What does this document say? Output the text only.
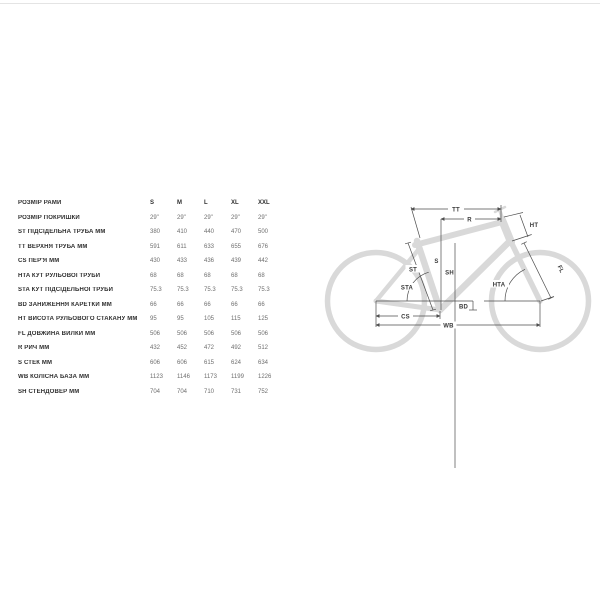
РОЗМІР РАМИ	S	M	L	XL	XXL
РОЗМІР ПОКРИШКИ	29"	29"	29"	29"	29"
ST ПІДСІДЕЛЬНА ТРУБА ММ	380	410	440	470	500
TT ВЕРХНЯ ТРУБА ММ	591	611	633	655	676
CS ПЕР'Я ММ	430	433	436	439	442
HTA КУТ РУЛЬОВОЇ ТРУБИ	68	68	68	68	68
STA КУТ ПІДСІДЕЛЬНОЇ ТРУБИ	75.3	75.3	75.3	75.3	75.3
BD ЗАНИЖЕННЯ КАРЕТКИ ММ	66	66	66	66	66
HT ВИСОТА РУЛЬОВОГО СТАКАНУ ММ	95	95	105	115	125
FL ДОВЖИНА ВИЛКИ ММ	506	506	506	506	506
R РИЧ ММ	432	452	472	492	512
S СТЕК ММ	606	606	615	624	634
WB КОЛІСНА БАЗА ММ	1123	1146	1173	1199	1226
SH СТЕНДОВЕР ММ	704	704	710	731	752
TT
R
HT
ST
S
SH
STA	HTA
FL
BD
CS
WB
